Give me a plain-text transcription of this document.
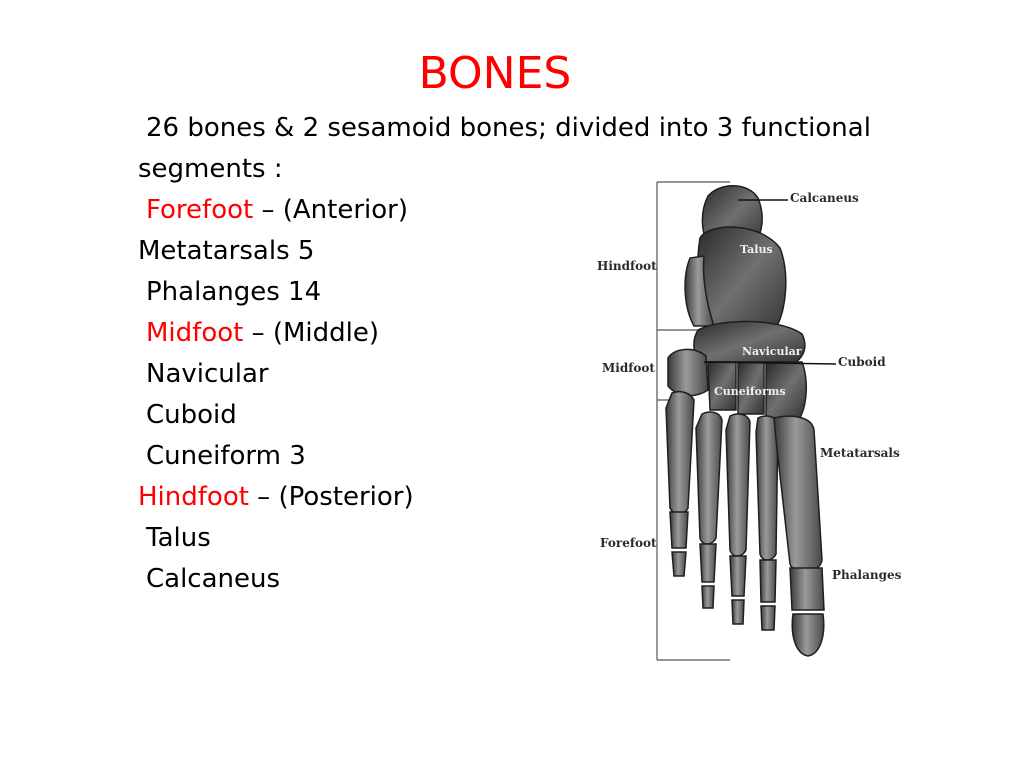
BONES
26 bones & 2 sesamoid bones; divided into 3 functional
segments :
Forefoot – (Anterior)
Metatarsals 5
Phalanges 14
Midfoot – (Middle)
Navicular
Cuboid
Cuneiform 3
Hindfoot – (Posterior)
Talus
Calcaneus
Calcaneus
Talus
Hindfoot
Midfoot
Navicular
Cuboid
Cuneiforms
Metatarsals
Forefoot
Phalanges
